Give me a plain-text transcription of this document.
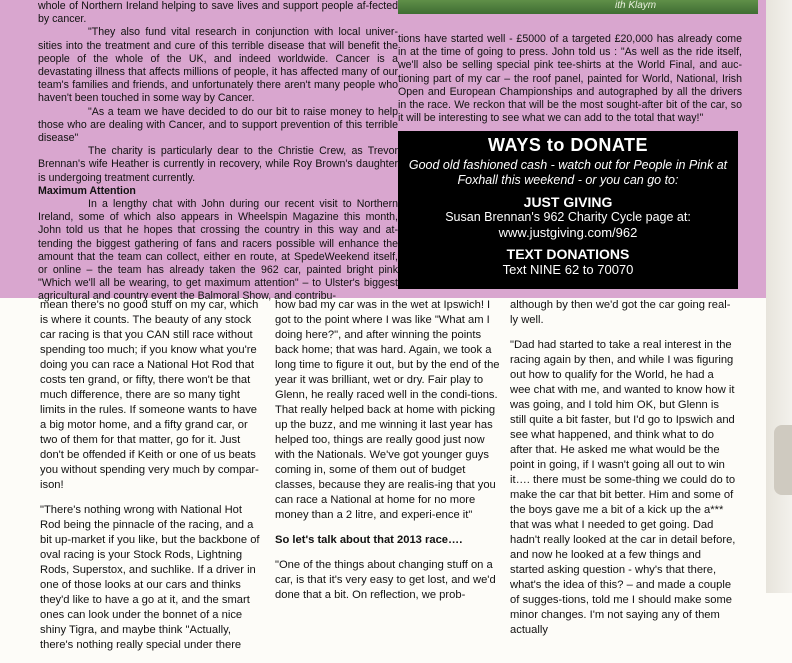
ith Klaym

whole of Northern Ireland helping to save lives and support people af-fected by cancer.

"They also fund vital research in conjunction with local univer-sities into the treatment and cure of this terrible disease that will benefit the people of the whole of the UK, and indeed worldwide. Cancer is a devastating illness that affects millions of people, it has affected many of our team's families and friends, and unfortunately there aren't many people who haven't been touched in some way by Cancer.

"As a team we have decided to do our bit to raise money to help those who are dealing with Cancer, and to support prevention of this terrible disease"

The charity is particularly dear to the Christie Crew, as Trevor Brennan's wife Heather is currently in recovery, while Roy Brown's daughter is undergoing treatment currently.

Maximum Attention

In a lengthy chat with John during our recent visit to Northern Ireland, some of which also appears in Wheelspin Magazine this month, John told us that he hopes that crossing the country in this way and at-tending the biggest gathering of fans and racers possible will enhance the amount that the team can collect, either en route, at SpedeWeekend itself, or online – the team has already taken the 962 car, painted bright pink "Which we'll all be wearing, to get maximum attention" – to Ulster's biggest agricultural and country event the Balmoral Show, and contribu-

tions have started well - £5000 of a targeted £20,000 has already come in at the time of going to press. John told us : "As well as the ride itself, we'll also be selling special pink tee-shirts at the World Final, and auc-tioning part of my car – the roof panel, painted for World, National, Irish Open and European Championships and autographed by all the drivers in the race. We reckon that will be the most sought-after bit of the car, so it will be interesting to see what we can add to the total that way!"
WAYS to DONATE
Good old fashioned cash - watch out for People in Pink at Foxhall this weekend - or you can go to:
JUST GIVING
Susan Brennan's 962 Charity Cycle page at:
www.justgiving.com/962
TEXT DONATIONS
Text NINE 62 to 70070

mean there's no good stuff on my car, which is where it counts. The beauty of any stock car racing is that you CAN still race without spending too much; if you know what you're doing you can race a National Hot Rod that costs ten grand, or fifty, there won't be that much difference, there are so many tight limits in the rules. If someone wants to have a big motor home, and a fifty grand car, or two of them for that matter, go for it. Just don't be offended if Keith or one of us beats you without spending very much by compar-ison!

"There's nothing wrong with National Hot Rod being the pinnacle of the racing, and a bit up-market if you like, but the backbone of oval racing is your Stock Rods, Lightning Rods, Superstox, and suchlike. If a driver in one of those looks at our cars and thinks they'd like to have a go at it, and the smart ones can look under the bonnet of a nice shiny Tigra, and maybe think "Actually, there's nothing really special under there

how bad my car was in the wet at Ipswich! I got to the point where I was like "What am I doing here?", and after winning the points back home; that was hard. Again, we took a long time to figure it out, but by the end of the year it was brilliant, wet or dry. Fair play to Glenn, he really raced well in the condi-tions. That really helped back at home with picking up the buzz, and me winning it last year has helped too, things are really good just now with the Nationals. We've got younger guys coming in, some of them out of budget classes, because they are realis-ing that you can race a National at home for no more money than a 2 litre, and experi-ence it"

So let's talk about that 2013 race….

"One of the things about changing stuff on a car, is that it's very easy to get lost, and we'd done that a bit. On reflection, we prob-

although by then we'd got the car going real-ly well.

"Dad had started to take a real interest in the racing again by then, and while I was figuring out how to qualify for the World, he had a wee chat with me, and wanted to know how it was going, and I told him OK, but Glenn is still quite a bit faster, but I'd go to Ipswich and see what happened, and think what to do after that. He asked me what would be the point in going, if I wasn't going all out to win it…. there must be some-thing we could do to make the car that bit better. Him and some of the boys gave me a bit of a kick up the a*** that was what I needed to get going. Dad hadn't really looked at the car in detail before, and now he looked at a few things and started asking question - why's that there, what's the idea of this? – and made a couple of sugges-tions, told me I should make some minor changes. I'm not saying any of them actually
